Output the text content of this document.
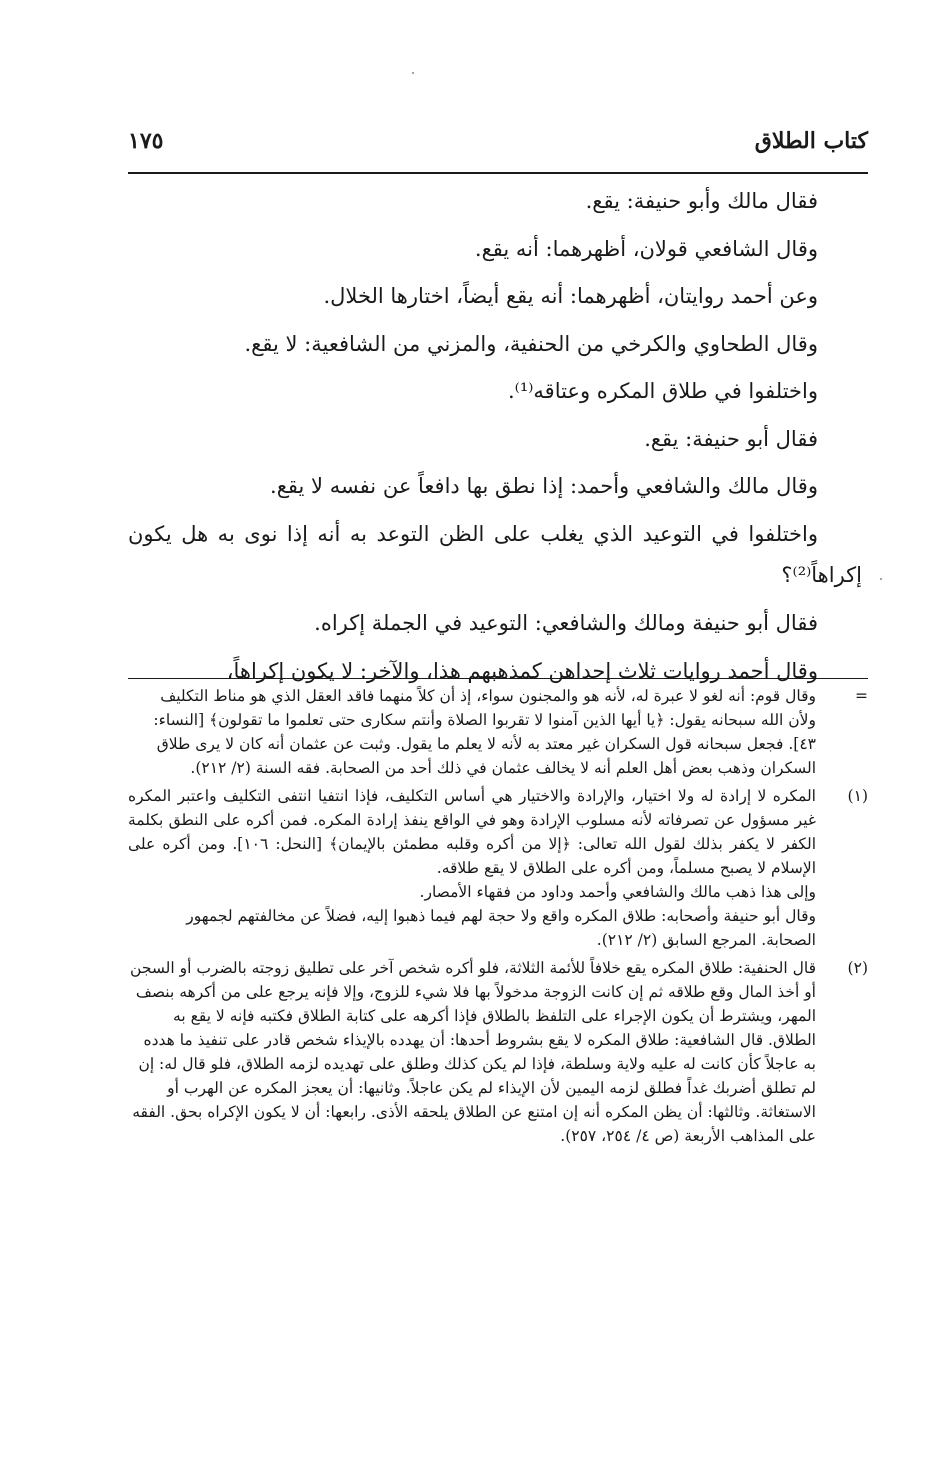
كتاب الطلاق
١٧٥
فقال مالك وأبو حنيفة: يقع.
وقال الشافعي قولان، أظهرهما: أنه يقع.
وعن أحمد روايتان، أظهرهما: أنه يقع أيضاً، اختارها الخلال.
وقال الطحاوي والكرخي من الحنفية، والمزني من الشافعية: لا يقع.
واختلفوا في طلاق المكره وعتاقه⁽¹⁾.
فقال أبو حنيفة: يقع.
وقال مالك والشافعي وأحمد: إذا نطق بها دافعاً عن نفسه لا يقع.
واختلفوا في التوعيد الذي يغلب على الظن التوعد به أنه إذا نوى به هل يكون
إكراهاً⁽²⁾؟
فقال أبو حنيفة ومالك والشافعي: التوعيد في الجملة إكراه.
وقال أحمد روايات ثلاث إحداهن كمذهبهم هذا، والآخر: لا يكون إكراهاً،
=

وقال قوم: أنه لغو لا عبرة له، لأنه هو والمجنون سواء، إذ أن كلاً منهما فاقد العقل الذي هو مناط التكليف ولأن الله سبحانه يقول: ﴿يا أيها الذين آمنوا لا تقربوا الصلاة وأنتم سكارى حتى تعلموا ما تقولون﴾ [النساء: ٤٣]. فجعل سبحانه قول السكران غير معتد به لأنه لا يعلم ما يقول. وثبت عن عثمان أنه كان لا يرى طلاق السكران وذهب بعض أهل العلم أنه لا يخالف عثمان في ذلك أحد من الصحابة. فقه السنة (٢/ ٢١٢).

(١)

المكره لا إرادة له ولا اختيار، والإرادة والاختيار هي أساس التكليف، فإذا انتفيا انتفى التكليف واعتبر المكره غير مسؤول عن تصرفاته لأنه مسلوب الإرادة وهو في الواقع ينفذ إرادة المكره. فمن أكره على النطق بكلمة الكفر لا يكفر بذلك لقول الله تعالى: ﴿إلا من أكره وقلبه مطمئن بالإيمان﴾ [النحل: ١٠٦]. ومن أكره على الإسلام لا يصبح مسلماً، ومن أكره على الطلاق لا يقع طلاقه.

وإلى هذا ذهب مالك والشافعي وأحمد وداود من فقهاء الأمصار.

وقال أبو حنيفة وأصحابه: طلاق المكره واقع ولا حجة لهم فيما ذهبوا إليه، فضلاً عن مخالفتهم لجمهور الصحابة. المرجع السابق (٢/ ٢١٢).

(٢)

قال الحنفية: طلاق المكره يقع خلافاً للأئمة الثلاثة، فلو أكره شخص آخر على تطليق زوجته بالضرب أو السجن أو أخذ المال وقع طلاقه ثم إن كانت الزوجة مدخولاً بها فلا شيء للزوج، وإلا فإنه يرجع على من أكرهه بنصف المهر، ويشترط أن يكون الإجراء على التلفظ بالطلاق فإذا أكرهه على كتابة الطلاق فكتبه فإنه لا يقع به الطلاق. قال الشافعية: طلاق المكره لا يقع بشروط أحدها: أن يهدده بالإيذاء شخص قادر على تنفيذ ما هدده به عاجلاً كأن كانت له عليه ولاية وسلطة، فإذا لم يكن كذلك وطلق على تهديده لزمه الطلاق، فلو قال له: إن لم تطلق أضربك غداً فطلق لزمه اليمين لأن الإيذاء لم يكن عاجلاً. وثانيها: أن يعجز المكره عن الهرب أو الاستغاثة. وثالثها: أن يظن المكره أنه إن امتنع عن الطلاق يلحقه الأذى. رابعها: أن لا يكون الإكراه بحق. الفقه على المذاهب الأربعة (ص ٤/ ٢٥٤، ٢٥٧).
